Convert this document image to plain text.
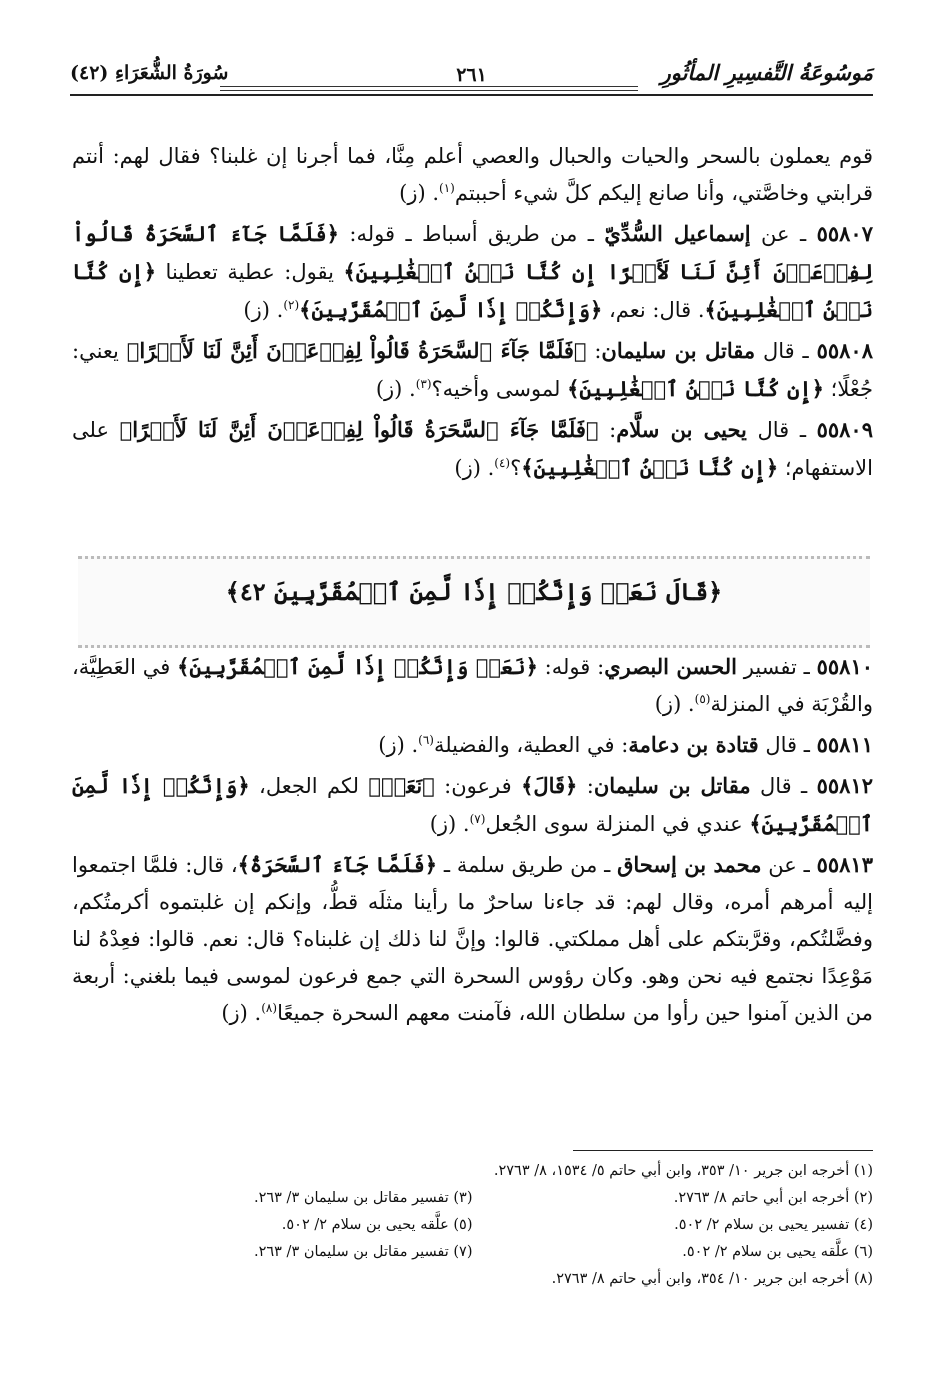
مَوسُوعَةُ التَّفسِيرِ المأثُورِ
٢٦١
سُورَةُ الشُّعَرَاءِ (٤٢)

قوم يعملون بالسحر والحيات والحبال والعصي أعلم مِنَّا، فما أجرنا إن غلبنا؟ فقال لهم: أنتم قرابتي وخاصَّتي، وأنا صانع إليكم كلَّ شيء أحببتم$^{(١)}$. (ز)

٥٥٨٠٧ ـ عن إسماعيل السُّدِّيّ ـ من طريق أسباط ـ قوله: ﴿فَلَمَّا جَآءَ ٱلسَّحَرَةُ قَالُواْ لِفِرۡعَوۡنَ أَئِنَّ لَنَا لَأَجۡرًا إِن كُنَّا نَحۡنُ ٱلۡغَٰلِبِينَ﴾ يقول: عطية تعطينا ﴿إِن كُنَّا نَحۡنُ ٱلۡغَٰلِبِينَ﴾. قال: نعم، ﴿وَإِنَّكُمۡ إِذٗا لَّمِنَ ٱلۡمُقَرَّبِينَ﴾$^{(٢)}$. (ز)

٥٥٨٠٨ ـ قال مقاتل بن سليمان: ﴿فَلَمَّا جَآءَ ٱلسَّحَرَةُ قَالُواْ لِفِرۡعَوۡنَ أَئِنَّ لَنَا لَأَجۡرًا﴾ يعني: جُعْلًا؛ ﴿إِن كُنَّا نَحۡنُ ٱلۡغَٰلِبِينَ﴾ لموسى وأخيه؟$^{(٣)}$. (ز)

٥٥٨٠٩ ـ قال يحيى بن سلَّام: ﴿فَلَمَّا جَآءَ ٱلسَّحَرَةُ قَالُواْ لِفِرۡعَوۡنَ أَئِنَّ لَنَا لَأَجۡرًا﴾ على الاستفهام؛ ﴿إِن كُنَّا نَحۡنُ ٱلۡغَٰلِبِينَ﴾؟$^{(٤)}$. (ز)

﴿قَالَ نَعَمۡ وَإِنَّكُمۡ إِذٗا لَّمِنَ ٱلۡمُقَرَّبِينَ ٤٢﴾

٥٥٨١٠ ـ تفسير الحسن البصري: قوله: ﴿نَعَمۡ وَإِنَّكُمۡ إِذٗا لَّمِنَ ٱلۡمُقَرَّبِينَ﴾ في العَطِيَّة، والقُرْبَة في المنزلة$^{(٥)}$. (ز)

٥٥٨١١ ـ قال قتادة بن دعامة: في العطية، والفضيلة$^{(٦)}$. (ز)

٥٥٨١٢ ـ قال مقاتل بن سليمان: ﴿قَالَ﴾ فرعون: ﴿نَعَمۡ﴾ لكم الجعل، ﴿وَإِنَّكُمۡ إِذٗا لَّمِنَ ٱلۡمُقَرَّبِينَ﴾ عندي في المنزلة سوى الجُعل$^{(٧)}$. (ز)

٥٥٨١٣ ـ عن محمد بن إسحاق ـ من طريق سلمة ـ ﴿فَلَمَّا جَآءَ ٱلسَّحَرَةُ﴾، قال: فلمَّا اجتمعوا إليه أمرهم أمره، وقال لهم: قد جاءنا ساحرٌ ما رأينا مثلَه قطُّ، وإنكم إن غلبتموه أكرمتُكم، وفضَّلتُكم، وقرَّبتكم على أهل مملكتي. قالوا: وإنَّ لنا ذلك إن غلبناه؟ قال: نعم. قالوا: فعِدْهُ لنا مَوْعِدًا نجتمع فيه نحن وهو. وكان رؤوس السحرة التي جمع فرعون لموسى فيما بلغني: أربعة من الذين آمنوا حين رأوا من سلطان الله، فآمنت معهم السحرة جميعًا$^{(٨)}$. (ز)

(١) أخرجه ابن جرير ١٠/ ٣٥٣، وابن أبي حاتم ٥/ ١٥٣٤، ٨/ ٢٧٦٣.
(٢) أخرجه ابن أبي حاتم ٨/ ٢٧٦٣.
(٣) تفسير مقاتل بن سليمان ٣/ ٢٦٣.
(٤) تفسير يحيى بن سلام ٢/ ٥٠٢.
(٥) علَّقه يحيى بن سلام ٢/ ٥٠٢.
(٦) علَّقه يحيى بن سلام ٢/ ٥٠٢.
(٧) تفسير مقاتل بن سليمان ٣/ ٢٦٣.
(٨) أخرجه ابن جرير ١٠/ ٣٥٤، وابن أبي حاتم ٨/ ٢٧٦٣.
